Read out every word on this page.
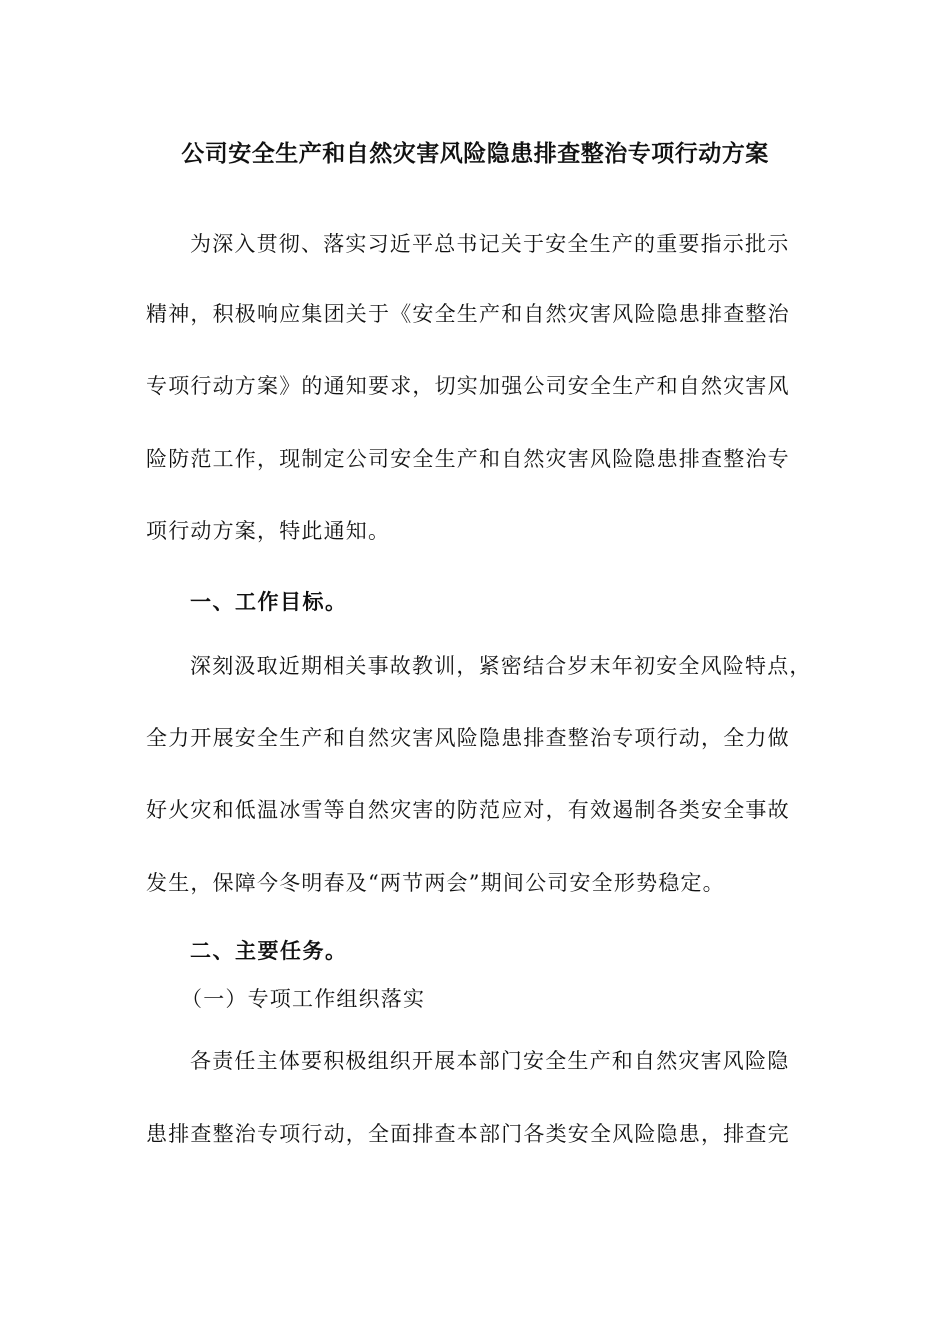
公司安全生产和自然灾害风险隐患排查整治专项行动方案
为深入贯彻、落实习近平总书记关于安全生产的重要指示批示
精神，积极响应集团关于《安全生产和自然灾害风险隐患排查整治
专项行动方案》的通知要求，切实加强公司安全生产和自然灾害风
险防范工作，现制定公司安全生产和自然灾害风险隐患排查整治专
项行动方案，特此通知。
一、工作目标。
深刻汲取近期相关事故教训，紧密结合岁末年初安全风险特点，
全力开展安全生产和自然灾害风险隐患排查整治专项行动，全力做
好火灾和低温冰雪等自然灾害的防范应对，有效遏制各类安全事故
发生，保障今冬明春及“两节两会”期间公司安全形势稳定。
二、主要任务。
（一）专项工作组织落实
各责任主体要积极组织开展本部门安全生产和自然灾害风险隐
患排查整治专项行动，全面排查本部门各类安全风险隐患，排查完
